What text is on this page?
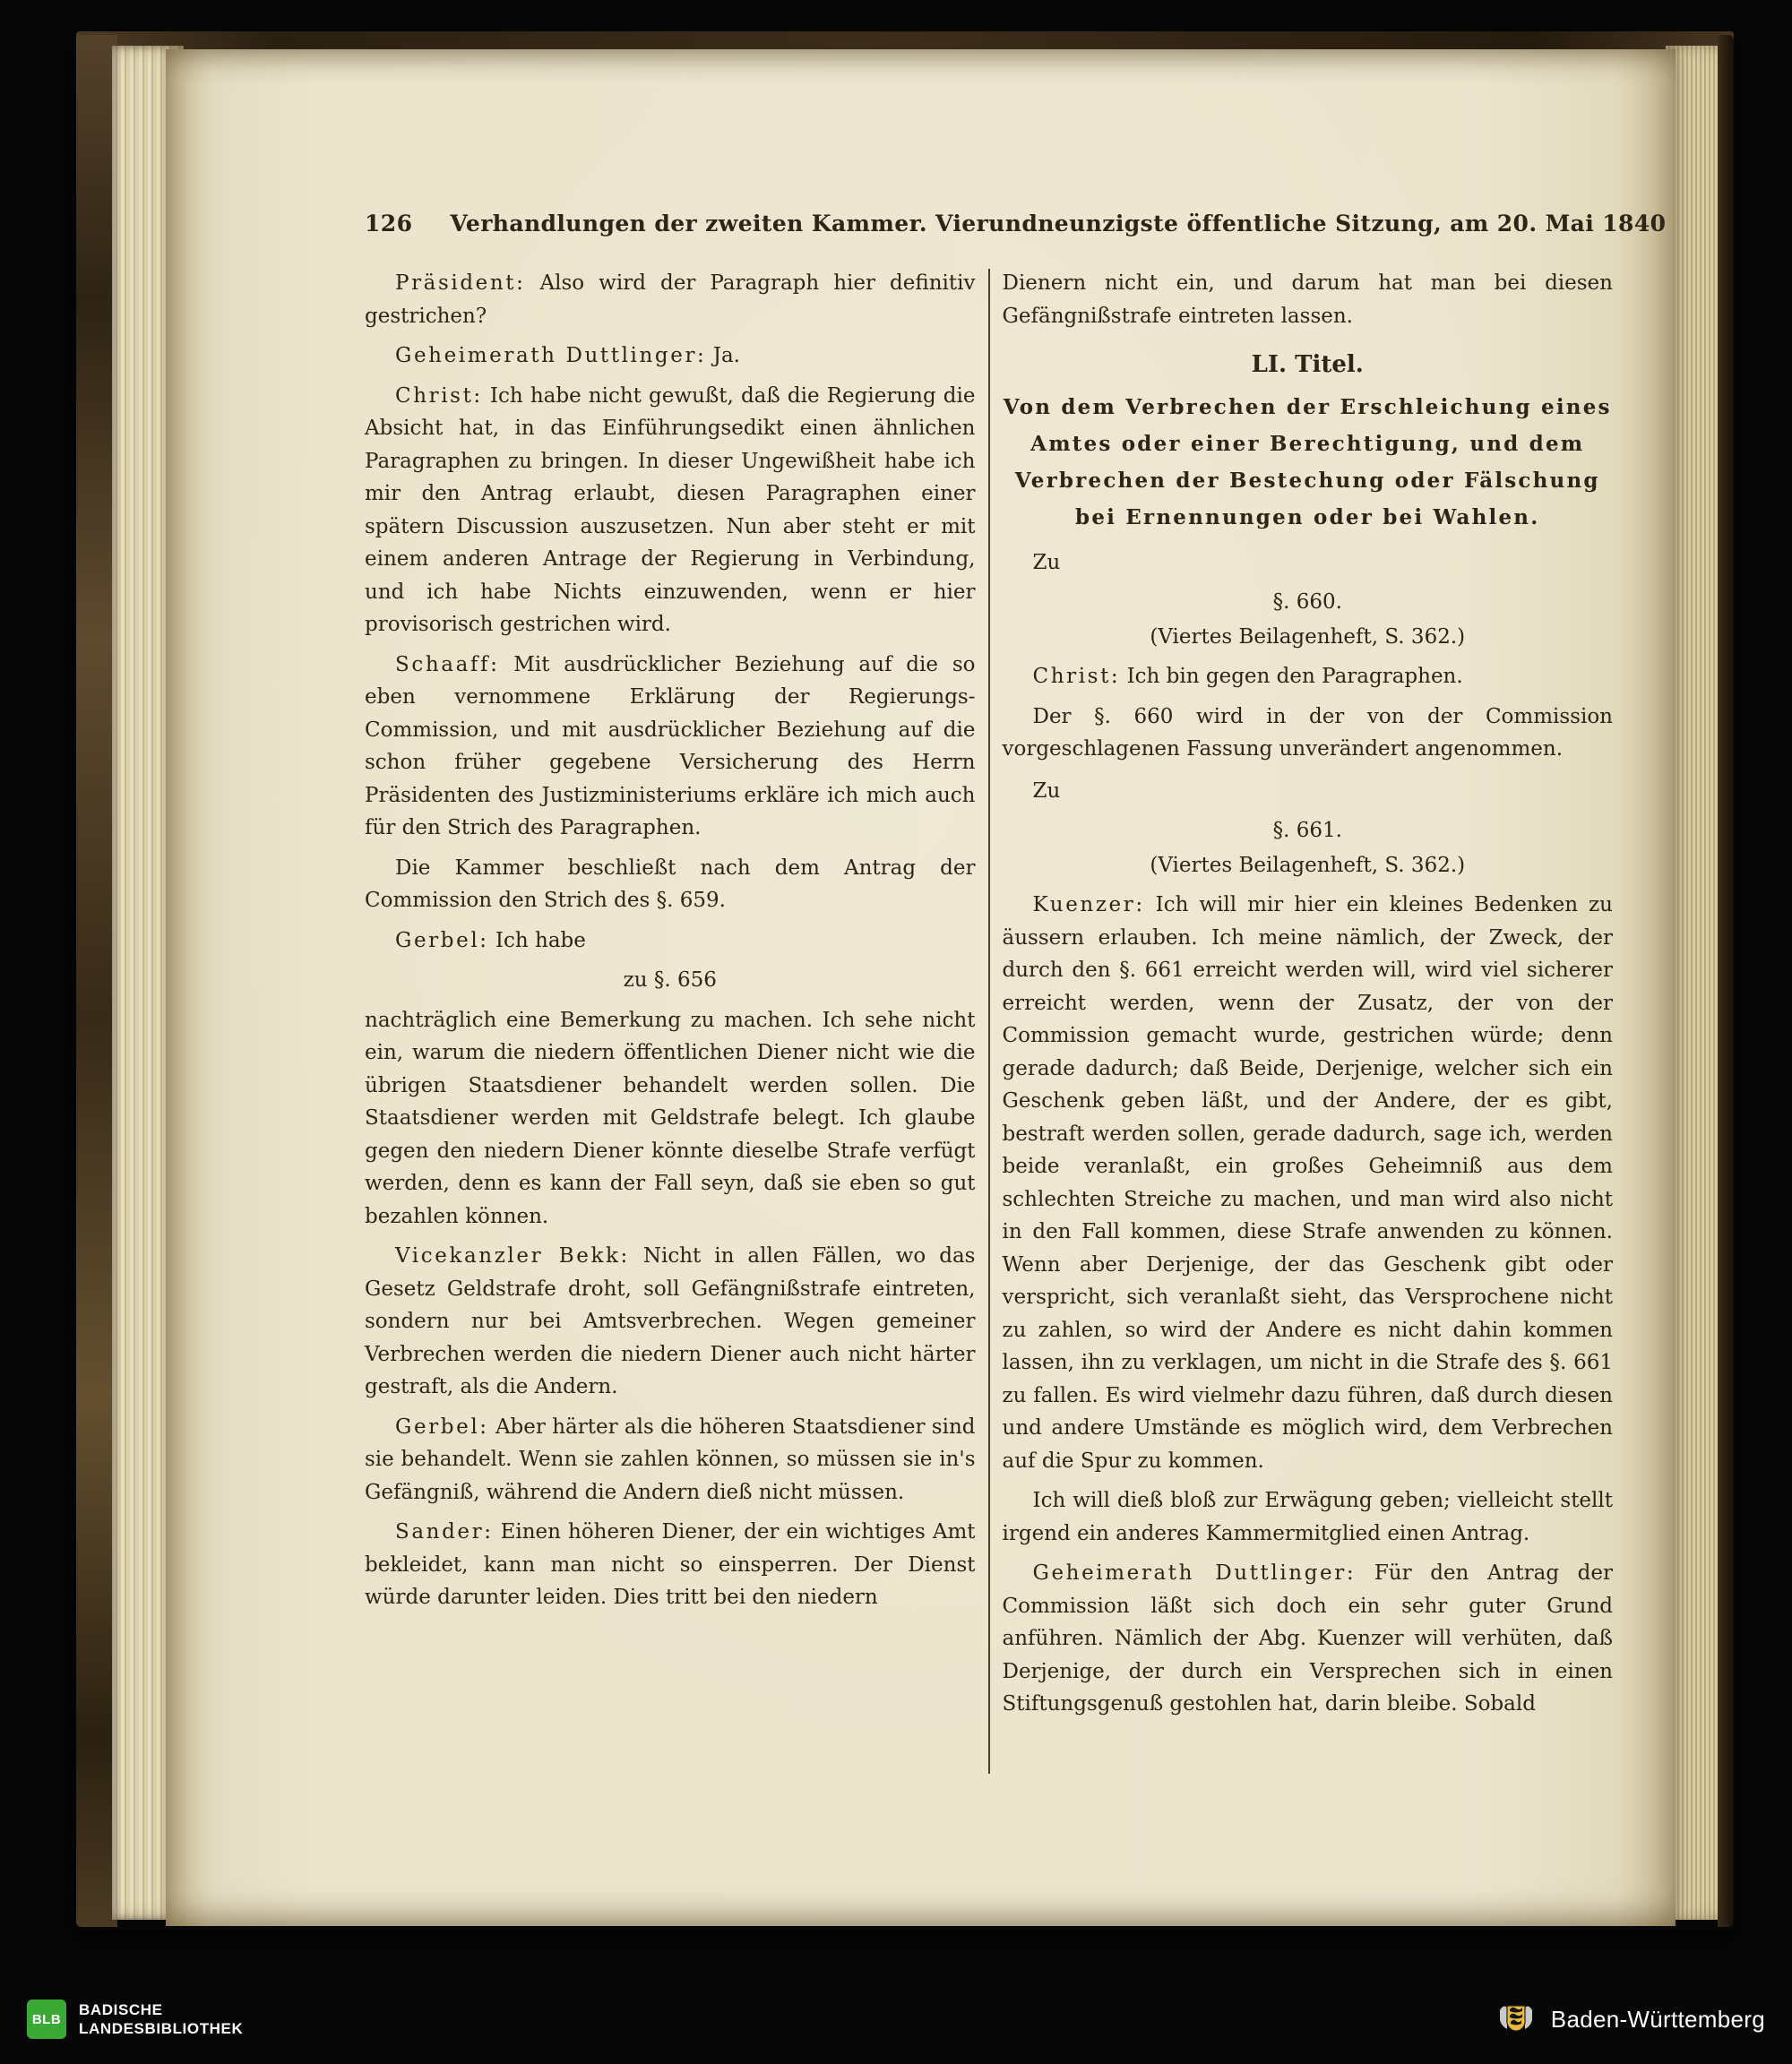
126 Verhandlungen der zweiten Kammer. Vierundneunzigste öffentliche Sitzung, am 20. Mai 1840

Präsident: Also wird der Paragraph hier definitiv gestrichen?

Geheimerath Duttlinger: Ja.

Christ: Ich habe nicht gewußt, daß die Regierung die Absicht hat, in das Einführungsedikt einen ähnlichen Paragraphen zu bringen. In dieser Ungewißheit habe ich mir den Antrag erlaubt, diesen Paragraphen einer spätern Discussion auszusetzen. Nun aber steht er mit einem anderen Antrage der Regierung in Verbindung, und ich habe Nichts einzuwenden, wenn er hier provisorisch gestrichen wird.

Schaaff: Mit ausdrücklicher Beziehung auf die so eben vernommene Erklärung der Regierungs-Commission, und mit ausdrücklicher Beziehung auf die schon früher gegebene Versicherung des Herrn Präsidenten des Justizministeriums erkläre ich mich auch für den Strich des Paragraphen.

Die Kammer beschließt nach dem Antrag der Commission den Strich des §. 659.

Gerbel: Ich habe

zu §. 656

nachträglich eine Bemerkung zu machen. Ich sehe nicht ein, warum die niedern öffentlichen Diener nicht wie die übrigen Staatsdiener behandelt werden sollen. Die Staatsdiener werden mit Geldstrafe belegt. Ich glaube gegen den niedern Diener könnte dieselbe Strafe verfügt werden, denn es kann der Fall seyn, daß sie eben so gut bezahlen können.

Vicekanzler Bekk: Nicht in allen Fällen, wo das Gesetz Geldstrafe droht, soll Gefängnißstrafe eintreten, sondern nur bei Amtsverbrechen. Wegen gemeiner Verbrechen werden die niedern Diener auch nicht härter gestraft, als die Andern.

Gerbel: Aber härter als die höheren Staatsdiener sind sie behandelt. Wenn sie zahlen können, so müssen sie in's Gefängniß, während die Andern dieß nicht müssen.

Sander: Einen höheren Diener, der ein wichtiges Amt bekleidet, kann man nicht so einsperren. Der Dienst würde darunter leiden. Dies tritt bei den niedern

Dienern nicht ein, und darum hat man bei diesen Gefängnißstrafe eintreten lassen.

LI. Titel.

Von dem Verbrechen der Erschleichung eines Amtes oder einer Berechtigung, und dem Verbrechen der Bestechung oder Fälschung bei Ernennungen oder bei Wahlen.

Zu

§. 660.

(Viertes Beilagenheft, S. 362.)

Christ: Ich bin gegen den Paragraphen.

Der §. 660 wird in der von der Commission vorgeschlagenen Fassung unverändert angenommen.

Zu

§. 661.

(Viertes Beilagenheft, S. 362.)

Kuenzer: Ich will mir hier ein kleines Bedenken zu äussern erlauben. Ich meine nämlich, der Zweck, der durch den §. 661 erreicht werden will, wird viel sicherer erreicht werden, wenn der Zusatz, der von der Commission gemacht wurde, gestrichen würde; denn gerade dadurch; daß Beide, Derjenige, welcher sich ein Geschenk geben läßt, und der Andere, der es gibt, bestraft werden sollen, gerade dadurch, sage ich, werden beide veranlaßt, ein großes Geheimniß aus dem schlechten Streiche zu machen, und man wird also nicht in den Fall kommen, diese Strafe anwenden zu können. Wenn aber Derjenige, der das Geschenk gibt oder verspricht, sich veranlaßt sieht, das Versprochene nicht zu zahlen, so wird der Andere es nicht dahin kommen lassen, ihn zu verklagen, um nicht in die Strafe des §. 661 zu fallen. Es wird vielmehr dazu führen, daß durch diesen und andere Umstände es möglich wird, dem Verbrechen auf die Spur zu kommen.

Ich will dieß bloß zur Erwägung geben; vielleicht stellt irgend ein anderes Kammermitglied einen Antrag.

Geheimerath Duttlinger: Für den Antrag der Commission läßt sich doch ein sehr guter Grund anführen. Nämlich der Abg. Kuenzer will verhüten, daß Derjenige, der durch ein Versprechen sich in einen Stiftungsgenuß gestohlen hat, darin bleibe. Sobald

BLB
BADISCHE
LANDESBIBLIOTHEK	Baden-Württemberg
